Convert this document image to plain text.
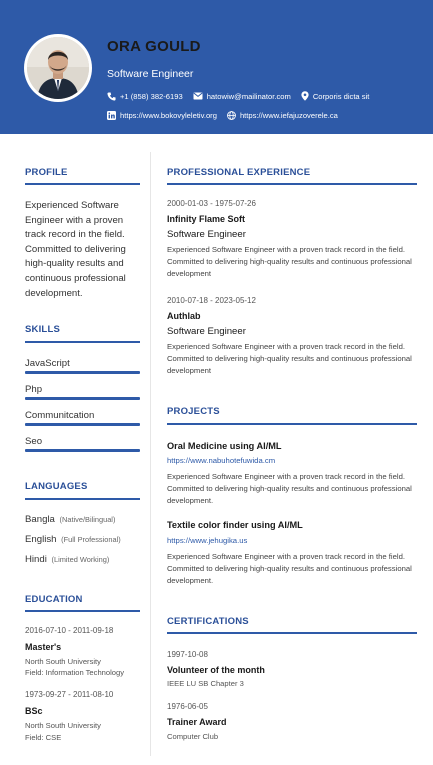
ORA GOULD
Software Engineer
+1 (858) 382-6193	hatowiw@mailinator.com	Corporis dicta sit
https://www.bokovyleletiv.org	https://www.iefajuzoverele.ca
PROFILE
Experienced Software Engineer with a proven track record in the field. Committed to delivering high-quality results and continuous professional development.
SKILLS
JavaScript
Php
Communitcation
Seo
LANGUAGES
Bangla (Native/Bilingual)
English (Full Professional)
Hindi (Limited Working)
EDUCATION
2016-07-10 - 2011-09-18
Master's
North South University
Field: Information Technology
1973-09-27 - 2011-08-10
BSc
North South University
Field: CSE
PROFESSIONAL EXPERIENCE
2000-01-03 - 1975-07-26
Infinity Flame Soft
Software Engineer
Experienced Software Engineer with a proven track record in the field. Committed to delivering high-quality results and continuous professional development
2010-07-18 - 2023-05-12
Authlab
Software Engineer
Experienced Software Engineer with a proven track record in the field. Committed to delivering high-quality results and continuous professional development
PROJECTS
Oral Medicine using AI/ML
https://www.nabuhotefuwida.cm
Experienced Software Engineer with a proven track record in the field. Committed to delivering high-quality results and continuous professional development.
Textile color finder using AI/ML
https://www.jehugika.us
Experienced Software Engineer with a proven track record in the field. Committed to delivering high-quality results and continuous professional development.
CERTIFICATIONS
1997-10-08
Volunteer of the month
IEEE LU SB Chapter 3
1976-06-05
Trainer Award
Computer Club
